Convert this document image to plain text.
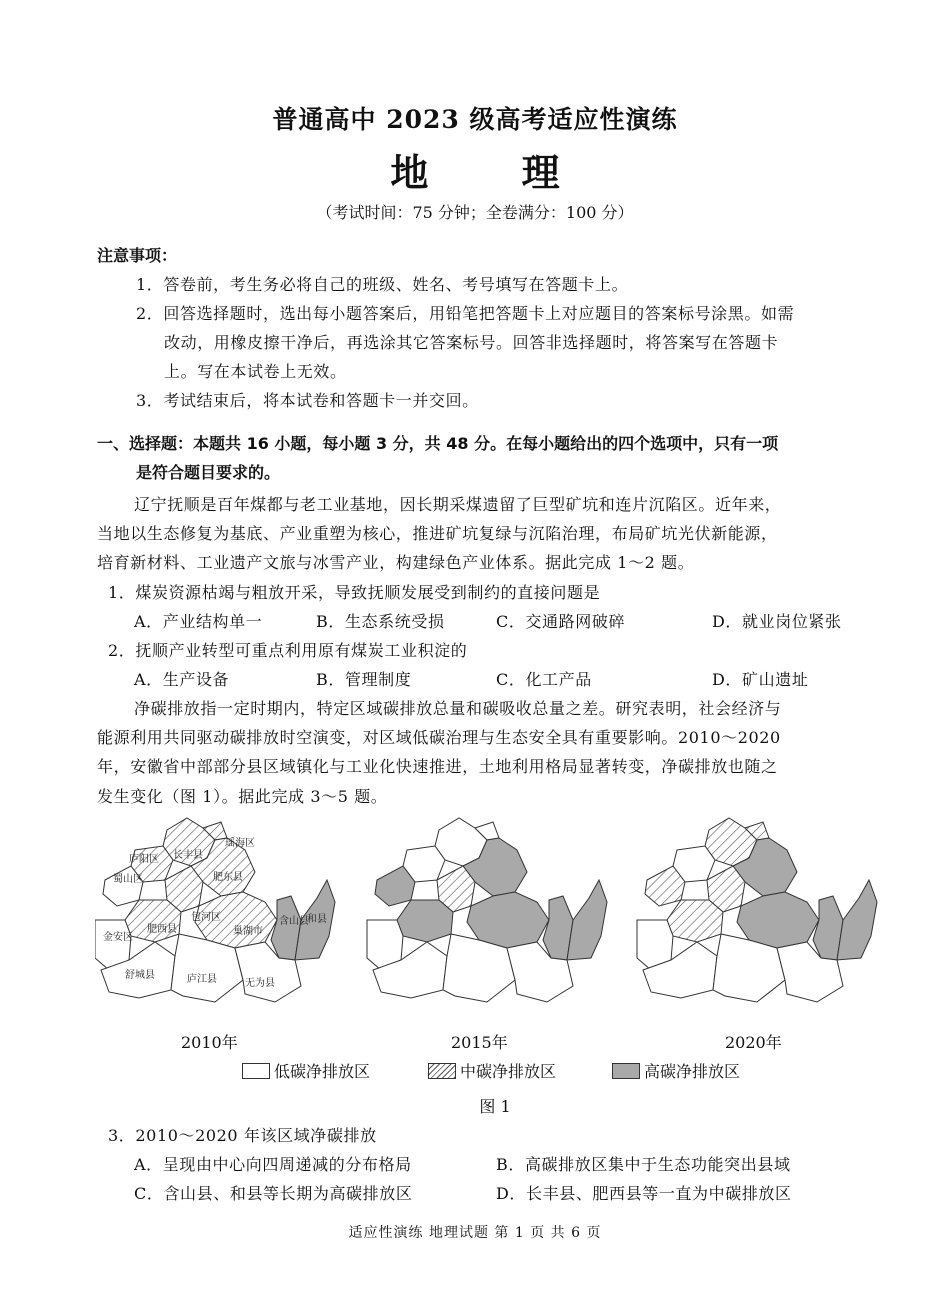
普通高中 2023 级高考适应性演练
地 理
（考试时间：75 分钟；全卷满分：100 分）
注意事项：
1．答卷前，考生务必将自己的班级、姓名、考号填写在答题卡上。
2．回答选择题时，选出每小题答案后，用铅笔把答题卡上对应题目的答案标号涂黑。如需
改动，用橡皮擦干净后，再选涂其它答案标号。回答非选择题时，将答案写在答题卡
上。写在本试卷上无效。
3．考试结束后，将本试卷和答题卡一并交回。
一、选择题：本题共 16 小题，每小题 3 分，共 48 分。在每小题给出的四个选项中，只有一项
是符合题目要求的。
辽宁抚顺是百年煤都与老工业基地，因长期采煤遗留了巨型矿坑和连片沉陷区。近年来，
当地以生态修复为基底、产业重塑为核心，推进矿坑复绿与沉陷治理，布局矿坑光伏新能源，
培育新材料、工业遗产文旅与冰雪产业，构建绿色产业体系。据此完成 1～2 题。
1．煤炭资源枯竭与粗放开采，导致抚顺发展受到制约的直接问题是
A．产业结构单一	B．生态系统受损	C．交通路网破碎	D．就业岗位紧张
2．抚顺产业转型可重点利用原有煤炭工业积淀的
A．生产设备	B．管理制度	C．化工产品	D．矿山遗址
净碳排放指一定时期内，特定区域碳排放总量和碳吸收总量之差。研究表明，社会经济与
能源利用共同驱动碳排放时空演变，对区域低碳治理与生态安全具有重要影响。2010～2020
年，安徽省中部部分县区域镇化与工业化快速推进，土地利用格局显著转变，净碳排放也随之
发生变化（图 1）。据此完成 3～5 题。
瑶海区
庐阳区 长丰县
蜀山区	肥东县
包河区	含山县
和县
金安区
肥西县	巢湖市
舒城县	庐江县	无为县
2010年	2015年	2020年
低碳净排放区	中碳净排放区	高碳净排放区
图 1
3．2010～2020 年该区域净碳排放
A．呈现由中心向四周递减的分布格局	B．高碳排放区集中于生态功能突出县域
C．含山县、和县等长期为高碳排放区	D．长丰县、肥西县等一直为中碳排放区
适应性演练 地理试题 第 1 页 共 6 页
